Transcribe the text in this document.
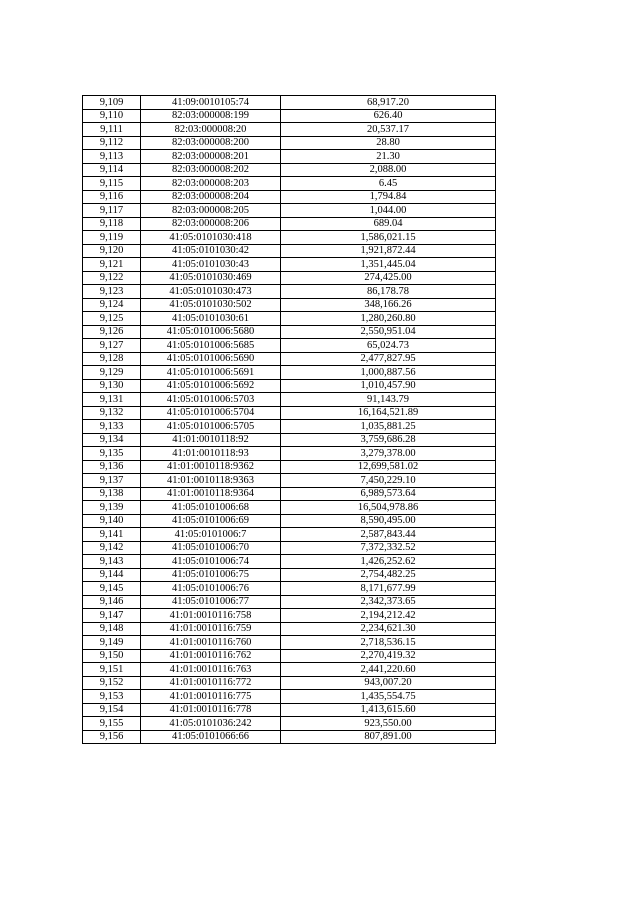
9,109	41:09:0010105:74	68,917.20
9,110	82:03:000008:199	626.40
9,111	82:03:000008:20	20,537.17
9,112	82:03:000008:200	28.80
9,113	82:03:000008:201	21.30
9,114	82:03:000008:202	2,088.00
9,115	82:03:000008:203	6.45
9,116	82:03:000008:204	1,794.84
9,117	82:03:000008:205	1,044.00
9,118	82:03:000008:206	689.04
9,119	41:05:0101030:418	1,586,021.15
9,120	41:05:0101030:42	1,921,872.44
9,121	41:05:0101030:43	1,351,445.04
9,122	41:05:0101030:469	274,425.00
9,123	41:05:0101030:473	86,178.78
9,124	41:05:0101030:502	348,166.26
9,125	41:05:0101030:61	1,280,260.80
9,126	41:05:0101006:5680	2,550,951.04
9,127	41:05:0101006:5685	65,024.73
9,128	41:05:0101006:5690	2,477,827.95
9,129	41:05:0101006:5691	1,000,887.56
9,130	41:05:0101006:5692	1,010,457.90
9,131	41:05:0101006:5703	91,143.79
9,132	41:05:0101006:5704	16,164,521.89
9,133	41:05:0101006:5705	1,035,881.25
9,134	41:01:0010118:92	3,759,686.28
9,135	41:01:0010118:93	3,279,378.00
9,136	41:01:0010118:9362	12,699,581.02
9,137	41:01:0010118:9363	7,450,229.10
9,138	41:01:0010118:9364	6,989,573.64
9,139	41:05:0101006:68	16,504,978.86
9,140	41:05:0101006:69	8,590,495.00
9,141	41:05:0101006:7	2,587,843.44
9,142	41:05:0101006:70	7,372,332.52
9,143	41:05:0101006:74	1,426,252.62
9,144	41:05:0101006:75	2,754,482.25
9,145	41:05:0101006:76	8,171,677.99
9,146	41:05:0101006:77	2,342,373.65
9,147	41:01:0010116:758	2,194,212.42
9,148	41:01:0010116:759	2,234,621.30
9,149	41:01:0010116:760	2,718,536.15
9,150	41:01:0010116:762	2,270,419.32
9,151	41:01:0010116:763	2,441,220.60
9,152	41:01:0010116:772	943,007.20
9,153	41:01:0010116:775	1,435,554.75
9,154	41:01:0010116:778	1,413,615.60
9,155	41:05:0101036:242	923,550.00
9,156	41:05:0101066:66	807,891.00
